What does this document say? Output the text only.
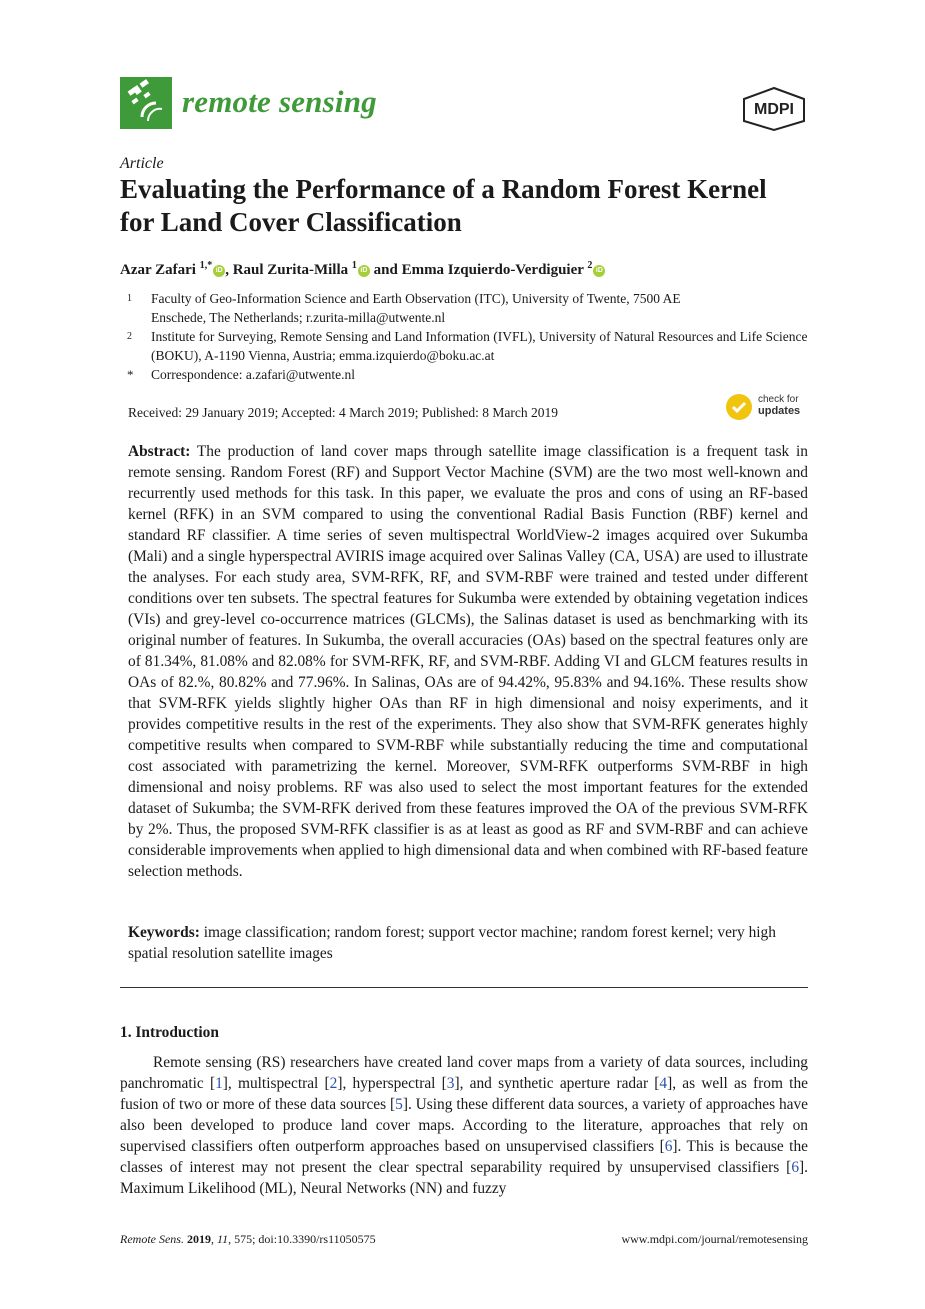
remote sensing	MDPI
Article
Evaluating the Performance of a Random Forest Kernel for Land Cover Classification
Azar Zafari $^{1,*}$ iD , Raul Zurita-Milla $^1$ iD and Emma Izquierdo-Verdiguier $^2$ iD
1 Faculty of Geo-Information Science and Earth Observation (ITC), University of Twente, 7500 AE Enschede, The Netherlands; r.zurita-milla@utwente.nl
2 Institute for Surveying, Remote Sensing and Land Information (IVFL), University of Natural Resources and Life Science (BOKU), A-1190 Vienna, Austria; emma.izquierdo@boku.ac.at
* Correspondence: a.zafari@utwente.nl
Received: 29 January 2019; Accepted: 4 March 2019; Published: 8 March 2019
check for
updates
Abstract: The production of land cover maps through satellite image classification is a frequent task in remote sensing. Random Forest (RF) and Support Vector Machine (SVM) are the two most well-known and recurrently used methods for this task. In this paper, we evaluate the pros and cons of using an RF-based kernel (RFK) in an SVM compared to using the conventional Radial Basis Function (RBF) kernel and standard RF classifier. A time series of seven multispectral WorldView-2 images acquired over Sukumba (Mali) and a single hyperspectral AVIRIS image acquired over Salinas Valley (CA, USA) are used to illustrate the analyses. For each study area, SVM-RFK, RF, and SVM-RBF were trained and tested under different conditions over ten subsets. The spectral features for Sukumba were extended by obtaining vegetation indices (VIs) and grey-level co-occurrence matrices (GLCMs), the Salinas dataset is used as benchmarking with its original number of features. In Sukumba, the overall accuracies (OAs) based on the spectral features only are of 81.34%, 81.08% and 82.08% for SVM-RFK, RF, and SVM-RBF. Adding VI and GLCM features results in OAs of 82.%, 80.82% and 77.96%. In Salinas, OAs are of 94.42%, 95.83% and 94.16%. These results show that SVM-RFK yields slightly higher OAs than RF in high dimensional and noisy experiments, and it provides competitive results in the rest of the experiments. They also show that SVM-RFK generates highly competitive results when compared to SVM-RBF while substantially reducing the time and computational cost associated with parametrizing the kernel. Moreover, SVM-RFK outperforms SVM-RBF in high dimensional and noisy problems. RF was also used to select the most important features for the extended dataset of Sukumba; the SVM-RFK derived from these features improved the OA of the previous SVM-RFK by 2%. Thus, the proposed SVM-RFK classifier is as at least as good as RF and SVM-RBF and can achieve considerable improvements when applied to high dimensional data and when combined with RF-based feature selection methods.
Keywords: image classification; random forest; support vector machine; random forest kernel; very high spatial resolution satellite images
1. Introduction
Remote sensing (RS) researchers have created land cover maps from a variety of data sources, including panchromatic [1], multispectral [2], hyperspectral [3], and synthetic aperture radar [4], as well as from the fusion of two or more of these data sources [5]. Using these different data sources, a variety of approaches have also been developed to produce land cover maps. According to the literature, approaches that rely on supervised classifiers often outperform approaches based on unsupervised classifiers [6]. This is because the classes of interest may not present the clear spectral separability required by unsupervised classifiers [6]. Maximum Likelihood (ML), Neural Networks (NN) and fuzzy
Remote Sens. 2019, 11, 575; doi:10.3390/rs11050575	www.mdpi.com/journal/remotesensing
